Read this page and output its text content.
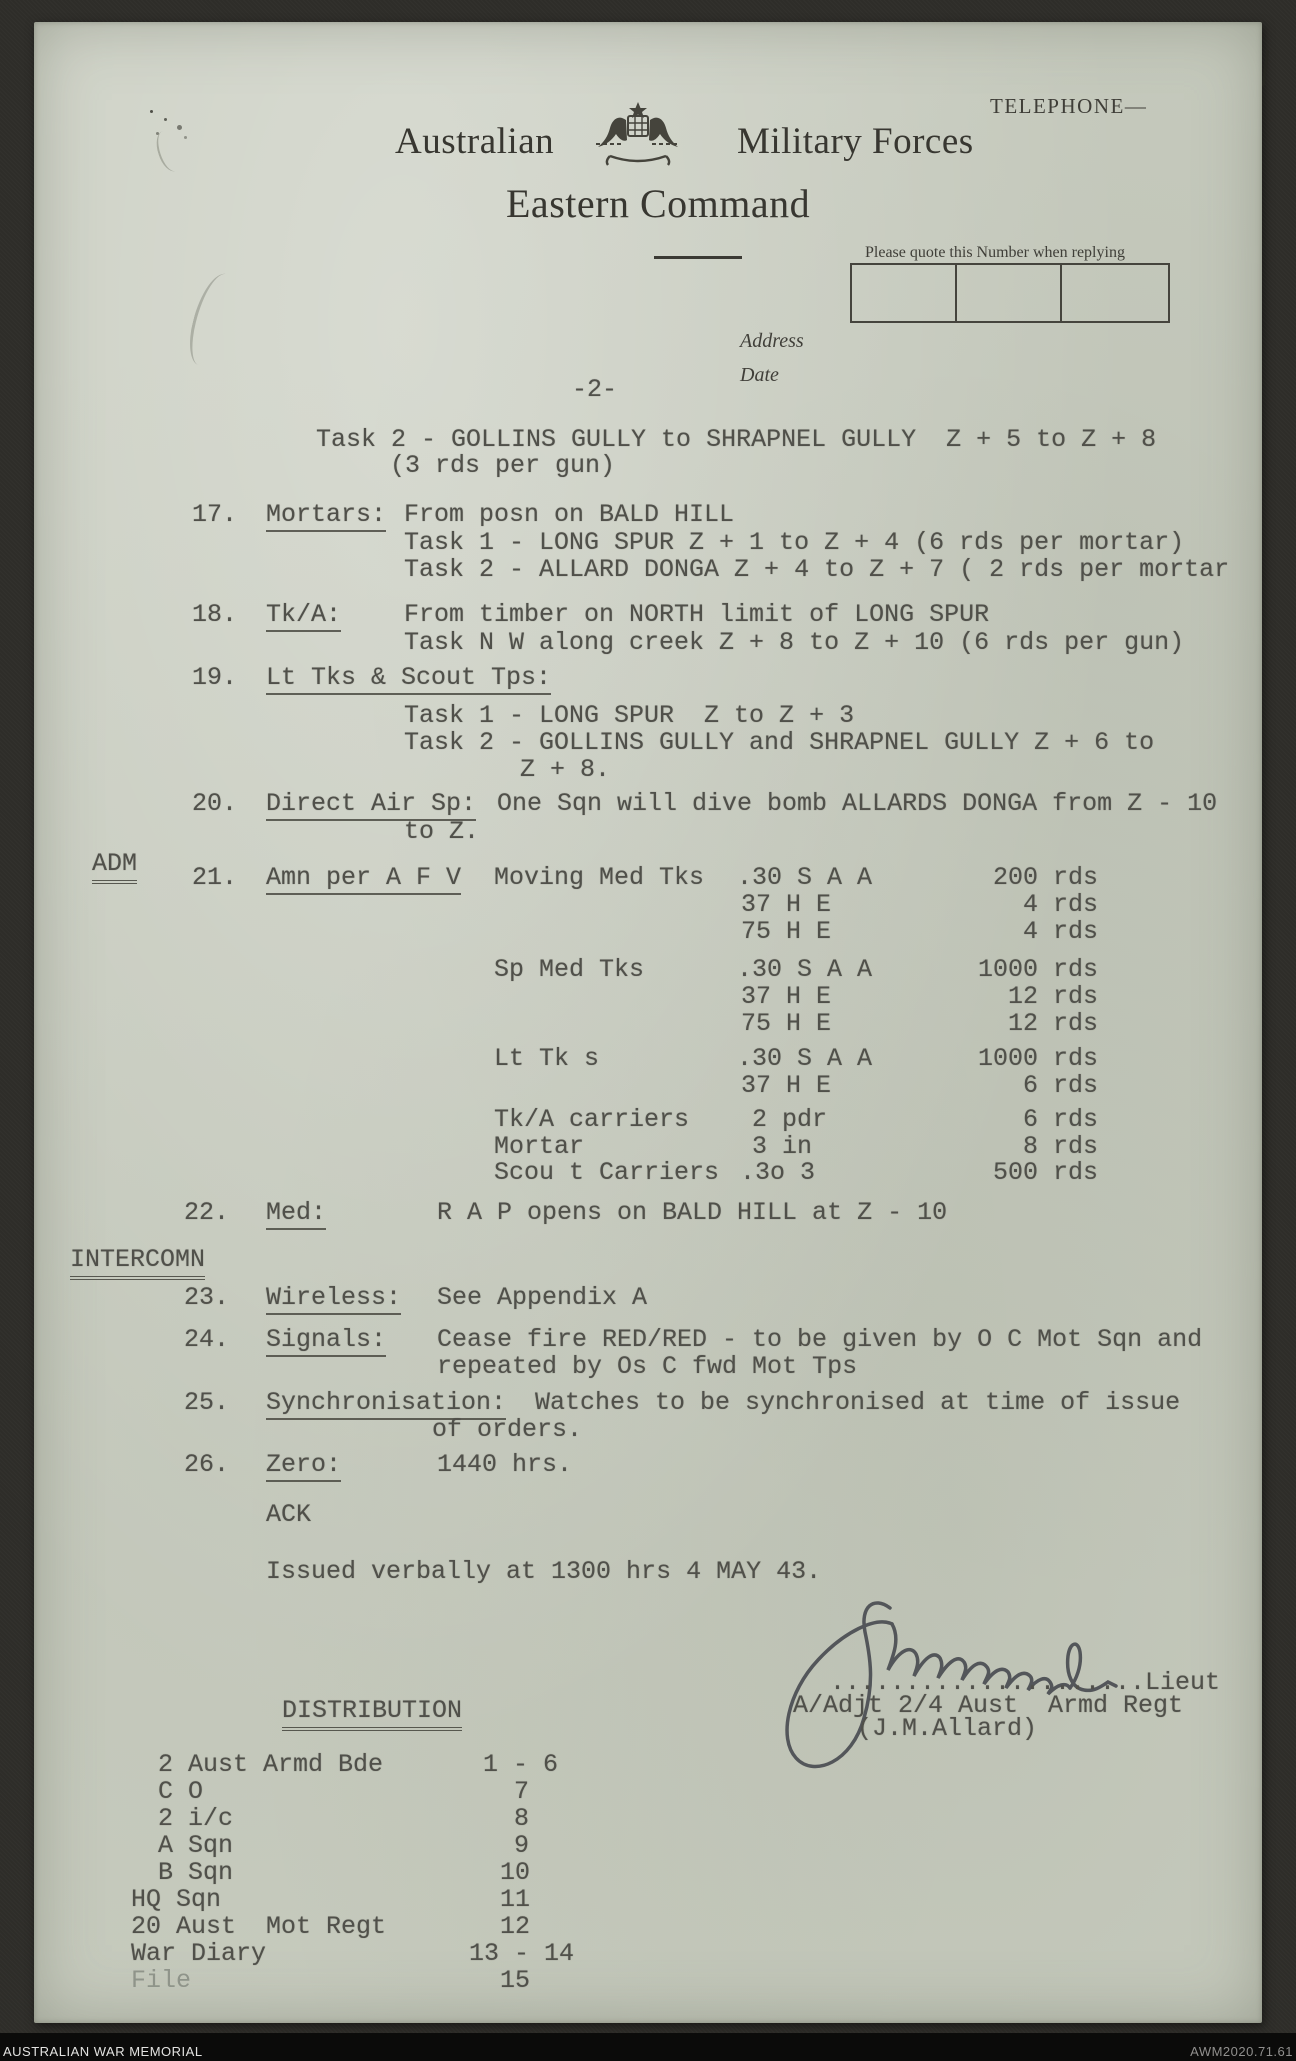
TELEPHONE—
Australian	Military Forces
Eastern Command
Please quote this Number when replying
Address
Date
-2-
Task 2 - GOLLINS GULLY to SHRAPNEL GULLY  Z + 5 to Z + 8
(3 rds per gun)
17. Mortars: From posn on BALD HILL
Task 1 - LONG SPUR Z + 1 to Z + 4 (6 rds per mortar)
Task 2 - ALLARD DONGA Z + 4 to Z + 7 ( 2 rds per mortar
18. Tk/A:	From timber on NORTH limit of LONG SPUR
Task N W along creek Z + 8 to Z + 10 (6 rds per gun)
19. Lt Tks & Scout Tps:
Task 1 - LONG SPUR  Z to Z + 3
Task 2 - GOLLINS GULLY and SHRAPNEL GULLY Z + 6 to
Z + 8.
20. Direct Air Sp: One Sqn will dive bomb ALLARDS DONGA from Z - 10
to Z.
ADM 21. Amn per A F V Moving Med Tks .30 S A A	200 rds
37 H E	4 rds
75 H E	4 rds
Sp Med Tks	.30 S A A	1000 rds
37 H E	12 rds
75 H E	12 rds
Lt Tk s	.30 S A A	1000 rds
37 H E	6 rds
Tk/A carriers	2 pdr	6 rds
Mortar	3 in	8 rds
Scou t Carriers .3o 3	500 rds
22. Med:	R A P opens on BALD HILL at Z - 10
INTERCOMN
23. Wireless: See Appendix A
24. Signals: Cease fire RED/RED - to be given by O C Mot Sqn and
repeated by Os C fwd Mot Tps
25. Synchronisation: Watches to be synchronised at time of issue
of orders.
26. Zero:	1440 hrs.
ACK
Issued verbally at 1300 hrs 4 MAY 43.
.....................Lieut
A/Adjt 2/4 Aust  Armd Regt
(J.M.Allard)
DISTRIBUTION
2 Aust Armd Bde	1 - 6
C O	7
2 i/c	8
A Sqn	9
B Sqn	10
HQ Sqn	11
20 Aust  Mot Regt	12
War Diary	13 - 14
File	15
AUSTRALIAN WAR MEMORIAL	AWM2020.71.61
